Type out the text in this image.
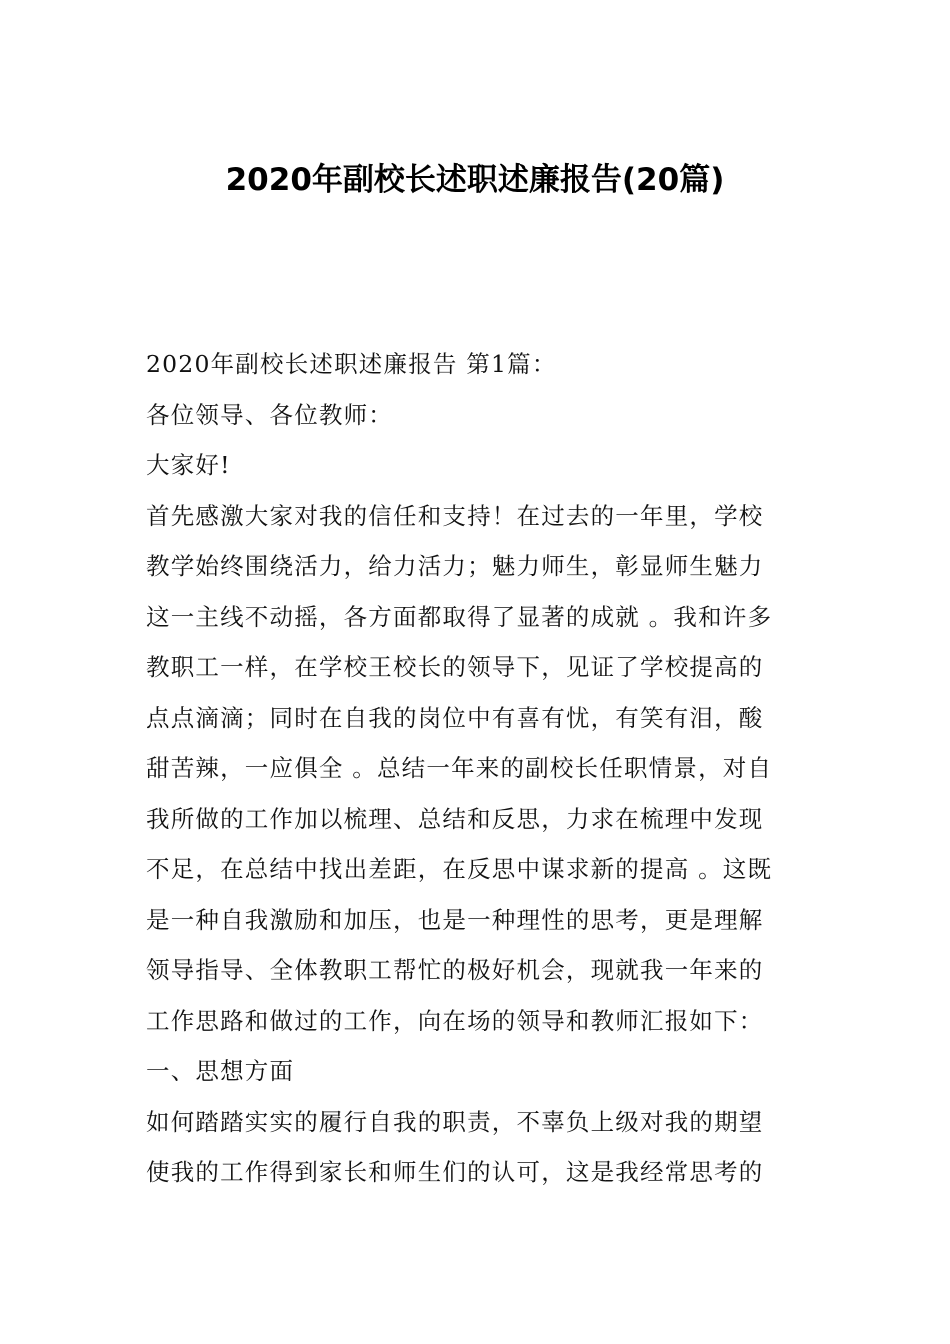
2020年副校长述职述廉报告(20篇)
2020年副校长述职述廉报告 第1篇：
各位领导、各位教师：
大家好!
首先感激大家对我的信任和支持！在过去的一年里，学校
教学始终围绕活力，给力活力；魅力师生，彰显师生魅力
这一主线不动摇，各方面都取得了显著的成就 。我和许多
教职工一样，在学校王校长的领导下，见证了学校提高的
点点滴滴；同时在自我的岗位中有喜有忧，有笑有泪，酸
甜苦辣，一应俱全 。总结一年来的副校长任职情景，对自
我所做的工作加以梳理、总结和反思，力求在梳理中发现
不足，在总结中找出差距，在反思中谋求新的提高 。这既
是一种自我激励和加压，也是一种理性的思考，更是理解
领导指导、全体教职工帮忙的极好机会，现就我一年来的
工作思路和做过的工作，向在场的领导和教师汇报如下：
一、思想方面
如何踏踏实实的履行自我的职责，不辜负上级对我的期望
使我的工作得到家长和师生们的认可，这是我经常思考的
